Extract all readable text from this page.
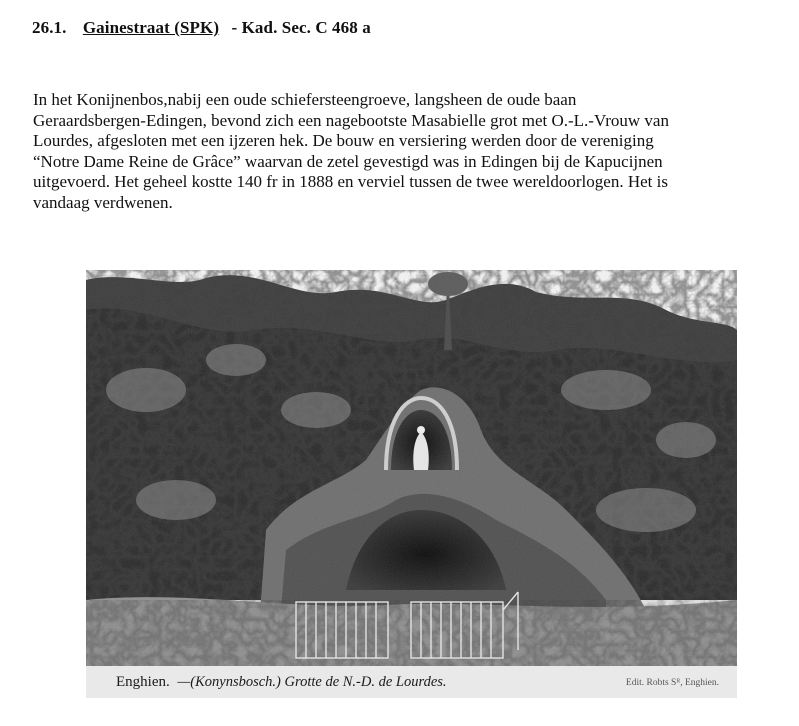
26.1. Gainestraat (SPK) - Kad. Sec. C 468 a
In het Konijnenbos,nabij een oude schiefersteengroeve, langsheen de oude baan
Geraardsbergen-Edingen, bevond zich een nagebootste Masabielle grot met O.-L.-Vrouw van
Lourdes, afgesloten met een ijzeren hek. De bouw en versiering werden door de vereniging
“Notre Dame Reine de Grâce” waarvan de zetel gevestigd was in Edingen bij de Kapucijnen
uitgevoerd. Het geheel kostte 140 fr in 1888 en verviel tussen de twee wereldoorlogen. Het is
vandaag verdwenen.
Enghien. —(Konynsbosch.) Grotte de N.-D. de Lourdes.	Edit. Robts Sᴿ, Enghien.
